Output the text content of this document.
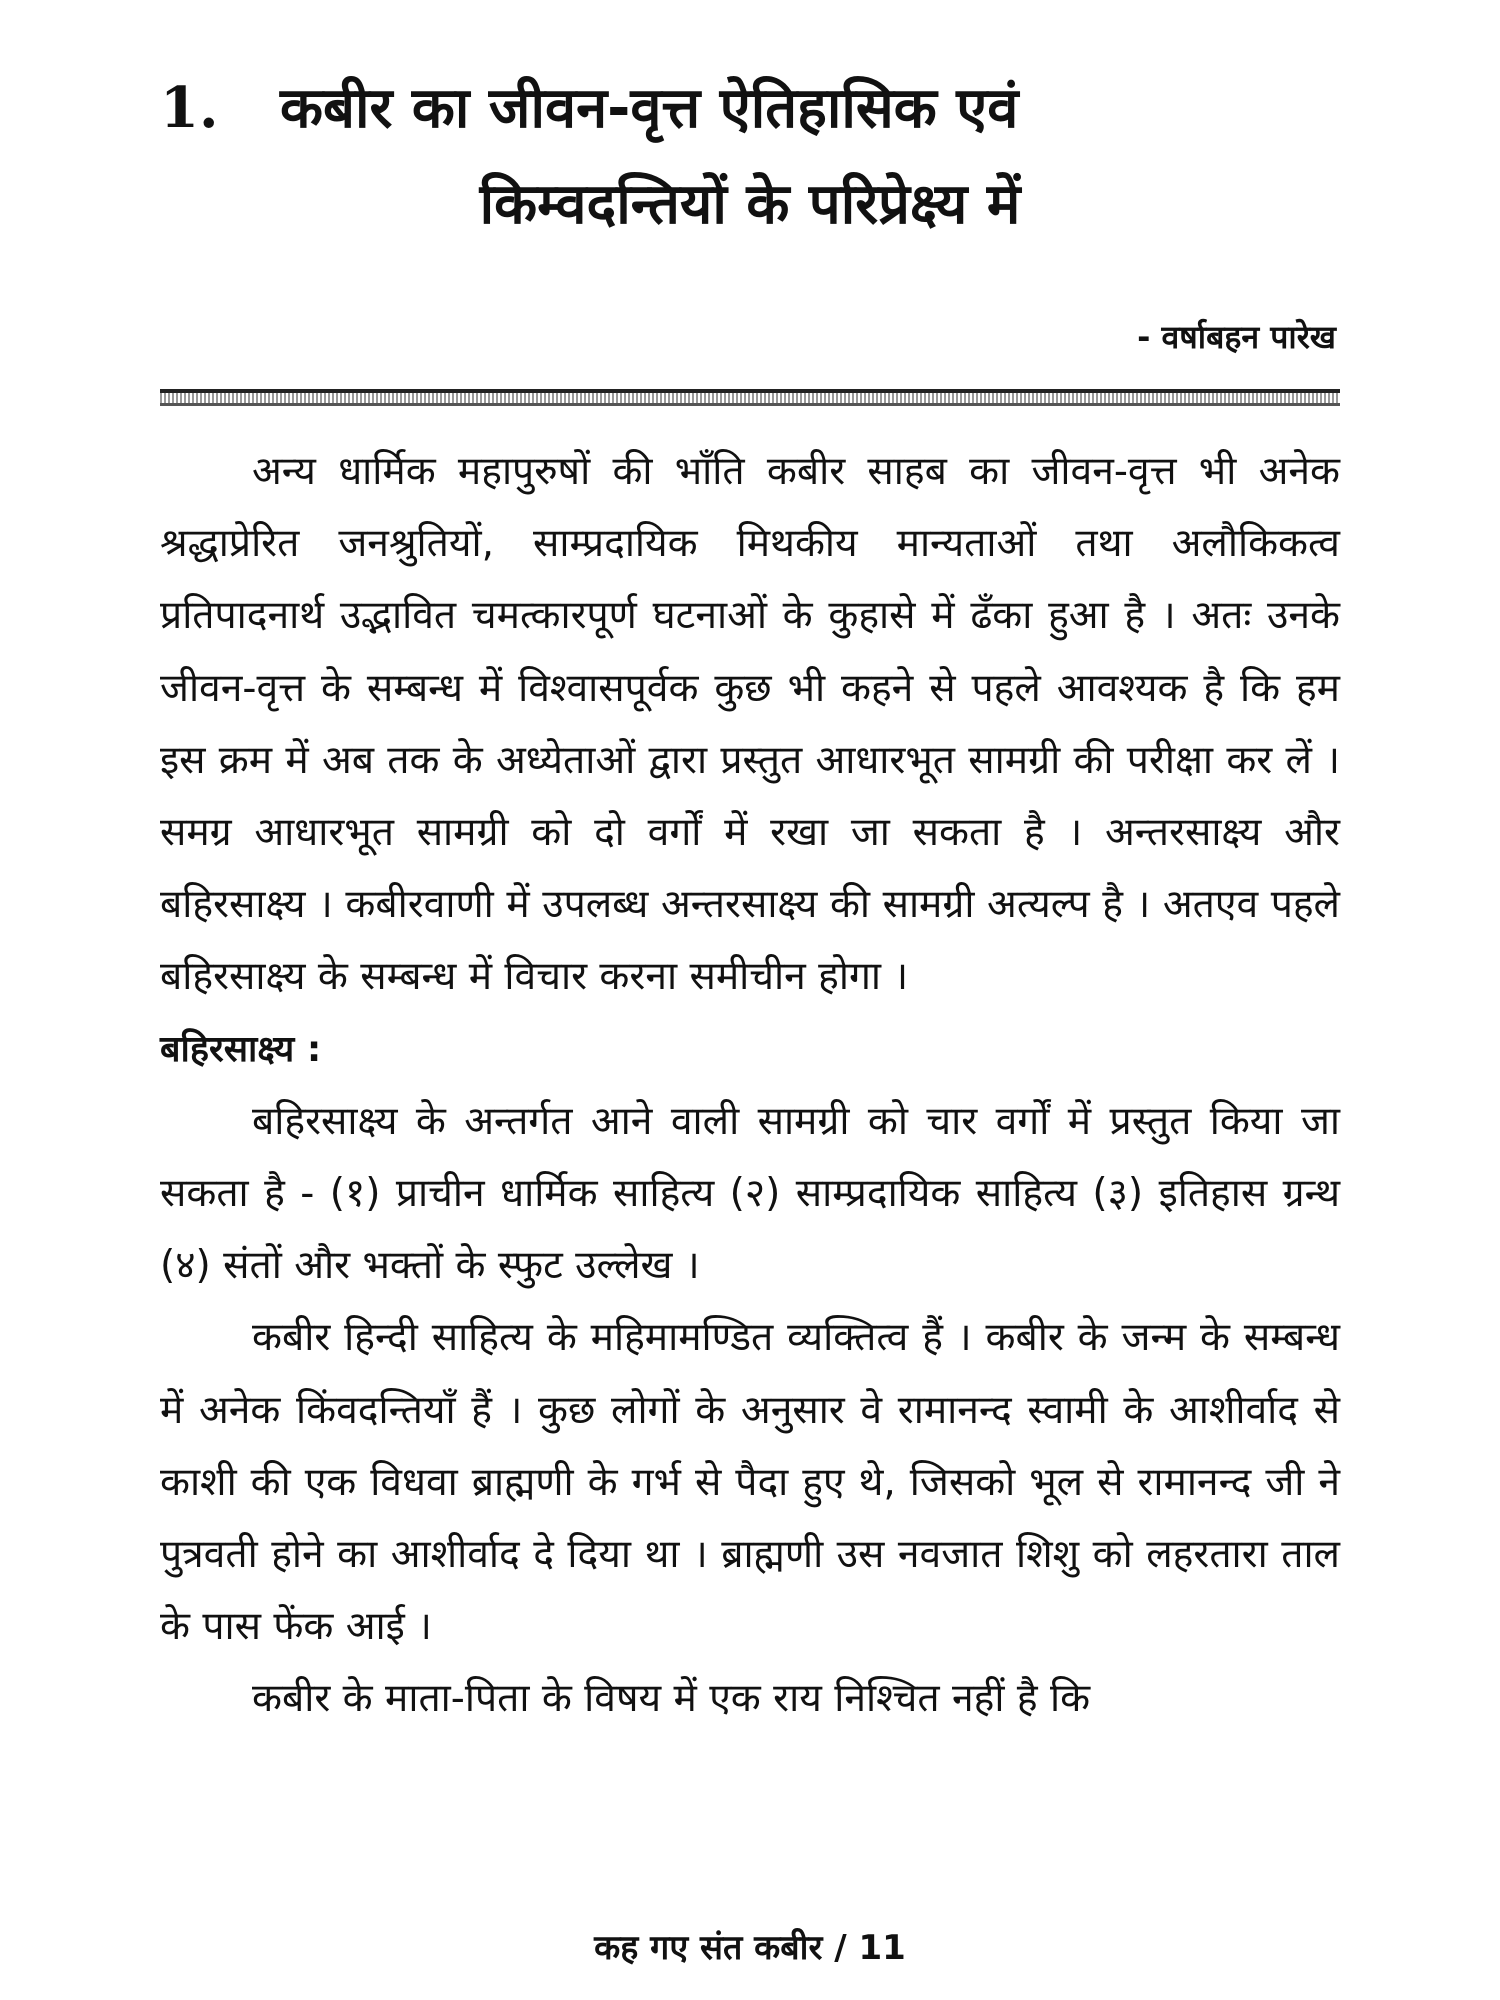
1.	कबीर का जीवन-वृत्त ऐतिहासिक एवं
किम्वदन्तियों के परिप्रेक्ष्य में
- वर्षाबहन पारेख

अन्य धार्मिक महापुरुषों की भाँति कबीर साहब का जीवन-वृत्त भी अनेक श्रद्धाप्रेरित जनश्रुतियों, साम्प्रदायिक मिथकीय मान्यताओं तथा अलौकिकत्व प्रतिपादनार्थ उद्भावित चमत्कारपूर्ण घटनाओं के कुहासे में ढँका हुआ है । अतः उनके जीवन-वृत्त के सम्बन्ध में विश्वासपूर्वक कुछ भी कहने से पहले आवश्यक है कि हम इस क्रम में अब तक के अध्येताओं द्वारा प्रस्तुत आधारभूत सामग्री की परीक्षा कर लें । समग्र आधारभूत सामग्री को दो वर्गों में रखा जा सकता है । अन्तरसाक्ष्य और बहिरसाक्ष्य । कबीरवाणी में उपलब्ध अन्तरसाक्ष्य की सामग्री अत्यल्प है । अतएव पहले बहिरसाक्ष्य के सम्बन्ध में विचार करना समीचीन होगा ।

बहिरसाक्ष्य :

बहिरसाक्ष्य के अन्तर्गत आने वाली सामग्री को चार वर्गों में प्रस्तुत किया जा सकता है - (१) प्राचीन धार्मिक साहित्य (२) साम्प्रदायिक साहित्य (३) इतिहास ग्रन्थ (४) संतों और भक्तों के स्फुट उल्लेख ।

कबीर हिन्दी साहित्य के महिमामण्डित व्यक्तित्व हैं । कबीर के जन्म के सम्बन्ध में अनेक किंवदन्तियाँ हैं । कुछ लोगों के अनुसार वे रामानन्द स्वामी के आशीर्वाद से काशी की एक विधवा ब्राह्मणी के गर्भ से पैदा हुए थे, जिसको भूल से रामानन्द जी ने पुत्रवती होने का आशीर्वाद दे दिया था । ब्राह्मणी उस नवजात शिशु को लहरतारा ताल के पास फेंक आई ।

कबीर के माता-पिता के विषय में एक राय निश्चित नहीं है कि

कह गए संत कबीर / 11
